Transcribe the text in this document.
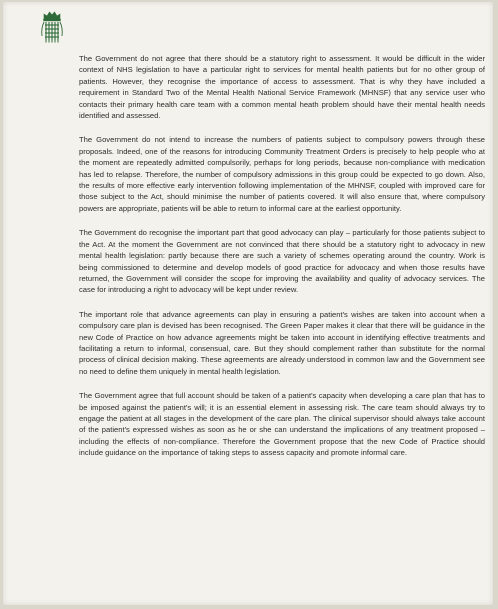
The Government do not agree that there should be a statutory right to assessment. It would be difficult in the wider context of NHS legislation to have a particular right to services for mental health patients but for no other group of patients. However, they recognise the importance of access to assessment. That is why they have included a requirement in Standard Two of the Mental Health National Service Framework (MHNSF) that any service user who contacts their primary health care team with a common mental heath problem should have their mental health needs identified and assessed.

The Government do not intend to increase the numbers of patients subject to compulsory powers through these proposals. Indeed, one of the reasons for introducing Community Treatment Orders is precisely to help people who at the moment are repeatedly admitted compulsorily, perhaps for long periods, because non-compliance with medication has led to relapse. Therefore, the number of compulsory admissions in this group could be expected to go down. Also, the results of more effective early intervention following implementation of the MHNSF, coupled with improved care for those subject to the Act, should minimise the number of patients covered. It will also ensure that, where compulsory powers are appropriate, patients will be able to return to informal care at the earliest opportunity.

The Government do recognise the important part that good advocacy can play – particularly for those patients subject to the Act. At the moment the Government are not convinced that there should be a statutory right to advocacy in new mental health legislation: partly because there are such a variety of schemes operating around the country. Work is being commissioned to determine and develop models of good practice for advocacy and when those results have returned, the Government will consider the scope for improving the availability and quality of advocacy services. The case for introducing a right to advocacy will be kept under review.

The important role that advance agreements can play in ensuring a patient's wishes are taken into account when a compulsory care plan is devised has been recognised. The Green Paper makes it clear that there will be guidance in the new Code of Practice on how advance agreements might be taken into account in identifying effective treatments and facilitating a return to informal, consensual, care. But they should complement rather than substitute for the normal process of clinical decision making. These agreements are already understood in common law and the Government see no need to define them uniquely in mental health legislation.

The Government agree that full account should be taken of a patient's capacity when developing a care plan that has to be imposed against the patient's will; it is an essential element in assessing risk. The care team should always try to engage the patient at all stages in the development of the care plan. The clinical supervisor should always take account of the patient's expressed wishes as soon as he or she can understand the implications of any treatment proposed – including the effects of non-compliance. Therefore the Government propose that the new Code of Practice should include guidance on the importance of taking steps to assess capacity and promote informal care.
